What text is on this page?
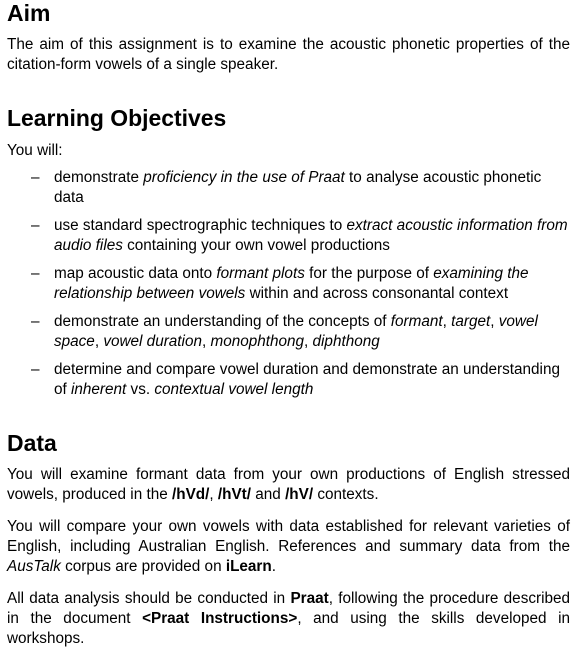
Aim

The aim of this assignment is to examine the acoustic phonetic properties of the citation-form vowels of a single speaker.

Learning Objectives

You will:

– demonstrate proficiency in the use of Praat to analyse acoustic phonetic data
– use standard spectrographic techniques to extract acoustic information from audio files containing your own vowel productions
– map acoustic data onto formant plots for the purpose of examining the relationship between vowels within and across consonantal context
– demonstrate an understanding of the concepts of formant, target, vowel space, vowel duration, monophthong, diphthong
– determine and compare vowel duration and demonstrate an understanding of inherent vs. contextual vowel length
Data

You will examine formant data from your own productions of English stressed vowels, produced in the /hVd/, /hVt/ and /hV/ contexts.

You will compare your own vowels with data established for relevant varieties of English, including Australian English. References and summary data from the AusTalk corpus are provided on iLearn.

All data analysis should be conducted in Praat, following the procedure described in the document <Praat Instructions>, and using the skills developed in workshops.
